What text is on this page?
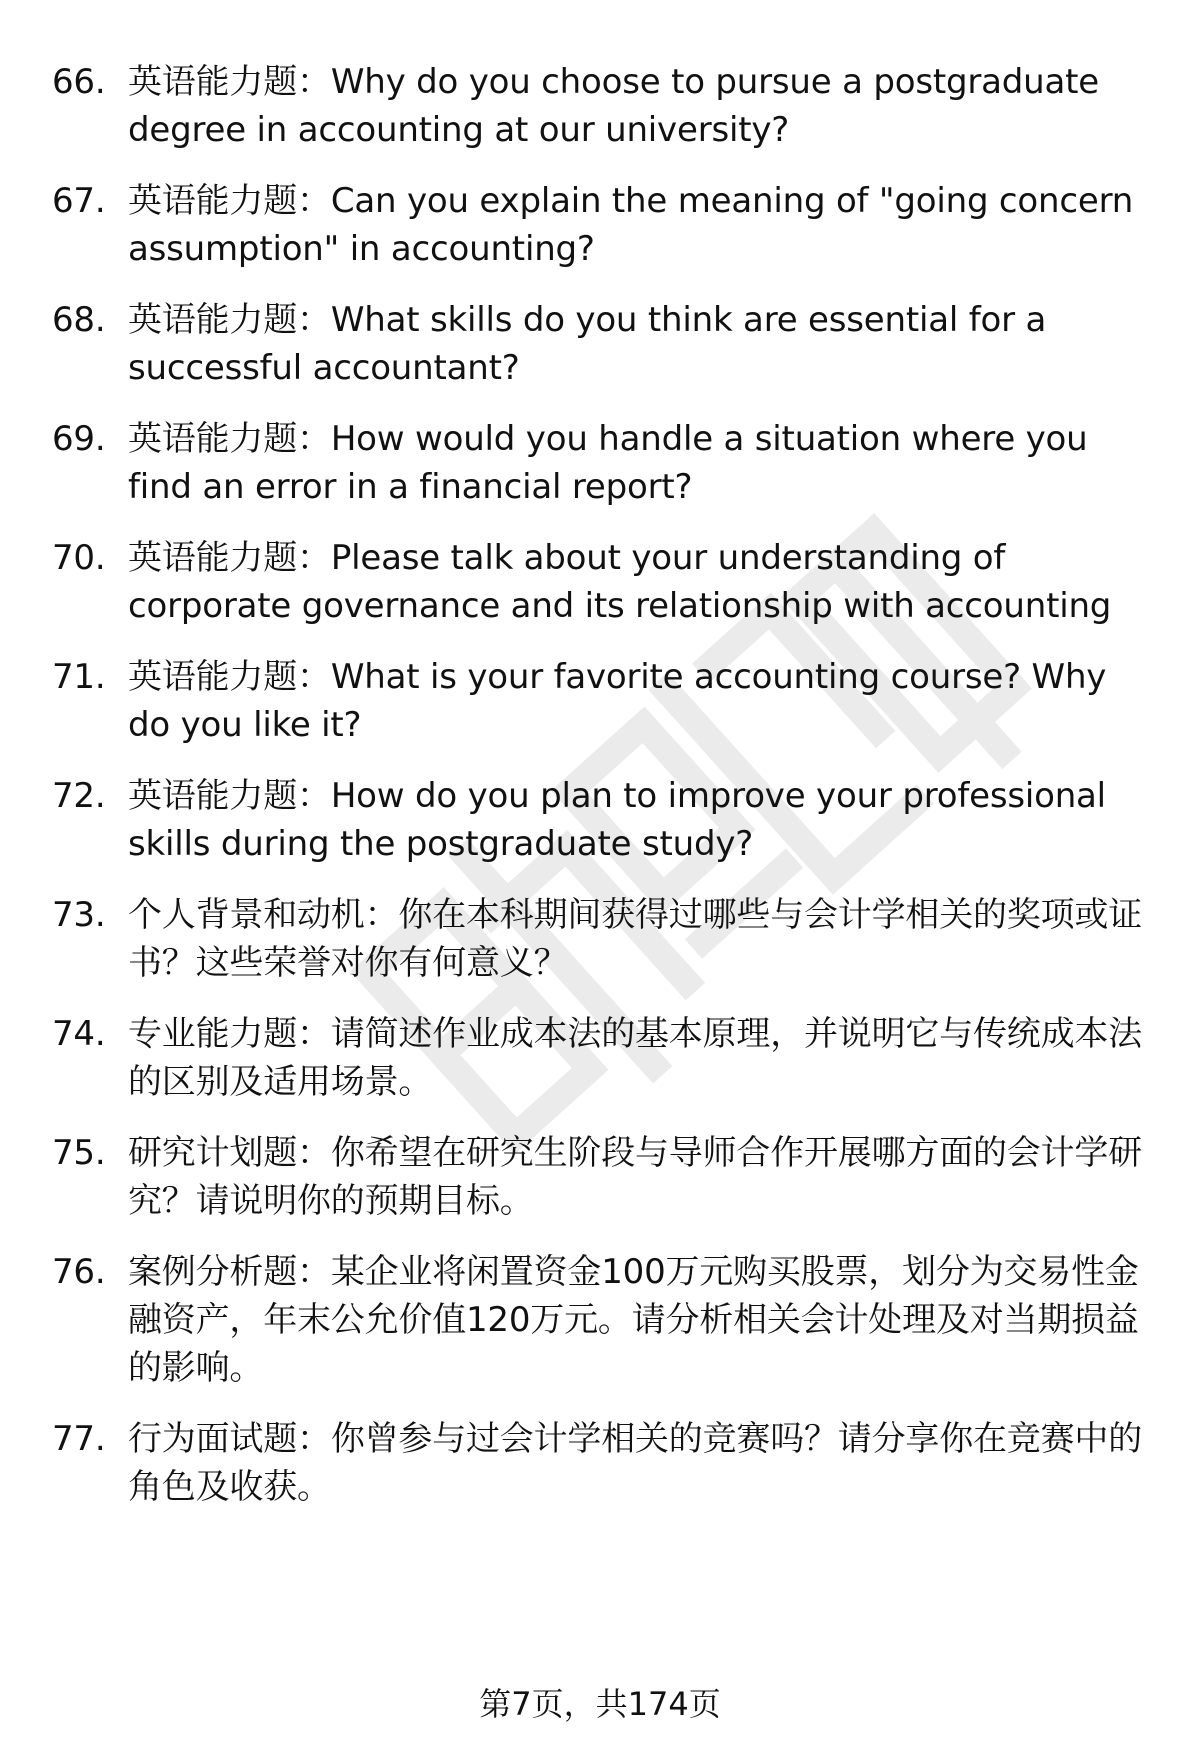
66. 英语能力题：Why do you choose to pursue a postgraduate degree in accounting at our university?
67. 英语能力题：Can you explain the meaning of "going concern assumption" in accounting?
68. 英语能力题：What skills do you think are essential for a successful accountant?
69. 英语能力题：How would you handle a situation where you find an error in a financial report?
70. 英语能力题：Please talk about your understanding of corporate governance and its relationship with accounting
71. 英语能力题：What is your favorite accounting course? Why do you like it?
72. 英语能力题：How do you plan to improve your professional skills during the postgraduate study?
73. 个人背景和动机：你在本科期间获得过哪些与会计学相关的奖项或证书？这些荣誉对你有何意义？
74. 专业能力题：请简述作业成本法的基本原理，并说明它与传统成本法的区别及适用场景。
75. 研究计划题：你希望在研究生阶段与导师合作开展哪方面的会计学研究？请说明你的预期目标。
76. 案例分析题：某企业将闲置资金100万元购买股票，划分为交易性金融资产，年末公允价值120万元。请分析相关会计处理及对当期损益的影响。
77. 行为面试题：你曾参与过会计学相关的竞赛吗？请分享你在竞赛中的角色及收获。
第7页，共174页
